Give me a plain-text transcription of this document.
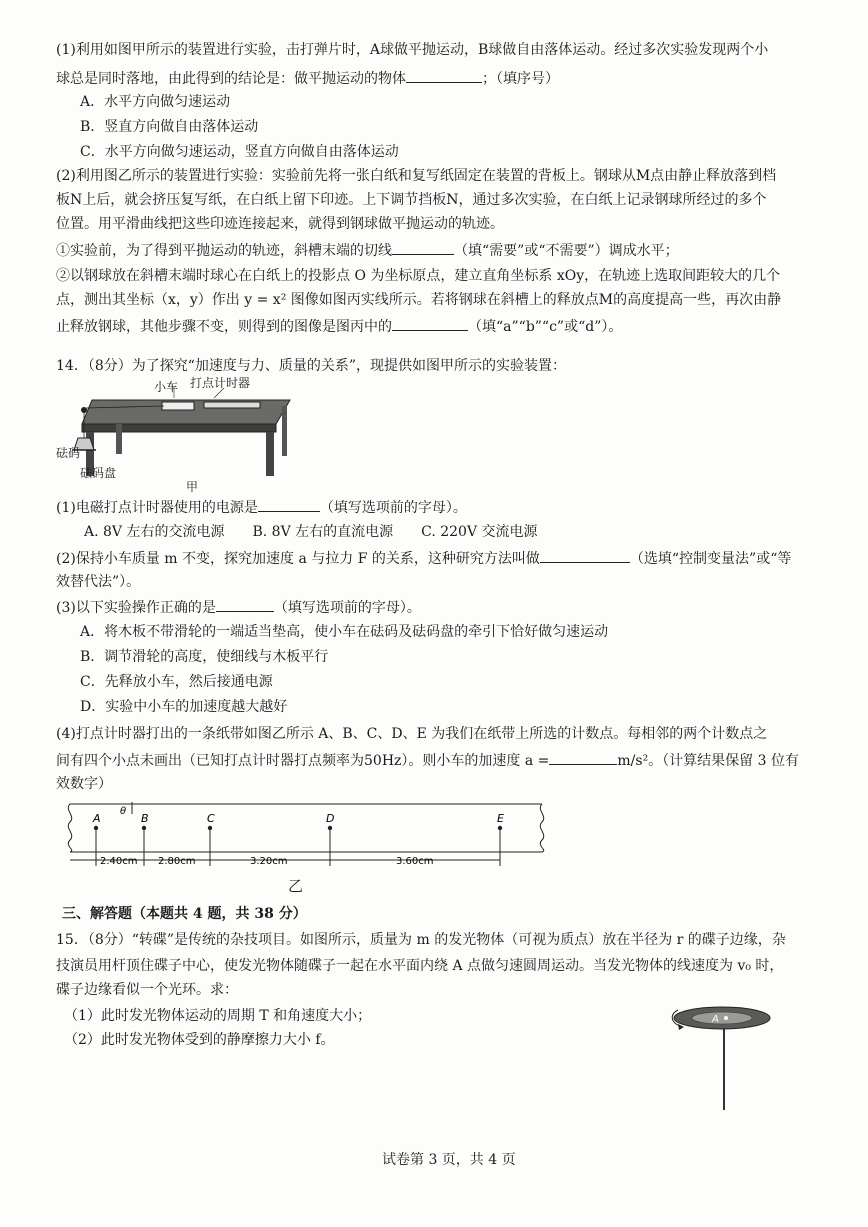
(1)利用如图甲所示的装置进行实验，击打弹片时，A球做平抛运动，B球做自由落体运动。经过多次实验发现两个小
球总是同时落地，由此得到的结论是：做平抛运动的物体	；（填序号）
A．水平方向做匀速运动
B．竖直方向做自由落体运动
C．水平方向做匀速运动，竖直方向做自由落体运动
(2)利用图乙所示的装置进行实验：实验前先将一张白纸和复写纸固定在装置的背板上。钢球从M点由静止释放落到档
板N上后，就会挤压复写纸，在白纸上留下印迹。上下调节挡板N，通过多次实验，在白纸上记录钢球所经过的多个
位置。用平滑曲线把这些印迹连接起来，就得到钢球做平抛运动的轨迹。
①实验前，为了得到平抛运动的轨迹，斜槽末端的切线	（填“需要”或“不需要”）调成水平；
②以钢球放在斜槽末端时球心在白纸上的投影点 O 为坐标原点，建立直角坐标系 xOy，在轨迹上选取间距较大的几个
点，测出其坐标（x，y）作出 y = x² 图像如图丙实线所示。若将钢球在斜槽上的释放点M的高度提高一些，再次由静
止释放钢球，其他步骤不变，则得到的图像是图丙中的	（填“a”“b”“c”或“d”）。
14．（8分）为了探究“加速度与力、质量的关系”，现提供如图甲所示的实验装置：
小车 打点计时器
砝码
砝码盘
甲
(1)电磁打点计时器使用的电源是	（填写选项前的字母）。
A. 8V 左右的交流电源　　B. 8V 左右的直流电源　　C. 220V 交流电源
(2)保持小车质量 m 不变，探究加速度 a 与拉力 F 的关系，这种研究方法叫做	（选填“控制变量法”或“等
效替代法”）。
(3)以下实验操作正确的是	（填写选项前的字母）。
A．将木板不带滑轮的一端适当垫高，使小车在砝码及砝码盘的牵引下恰好做匀速运动
B．调节滑轮的高度，使细线与木板平行
C．先释放小车，然后接通电源
D．实验中小车的加速度越大越好
(4)打点计时器打出的一条纸带如图乙所示 A、B、C、D、E 为我们在纸带上所选的计数点。每相邻的两个计数点之
间有四个小点未画出（已知打点计时器打点频率为50Hz）。则小车的加速度 a =	m/s²。（计算结果保留 3 位有
效数字）
A	B	C	D	E
θ
2.40cm 2.80cm	3.20cm	3.60cm
乙
三、解答题（本题共 4 题，共 38 分）
15．（8分）“转碟”是传统的杂技项目。如图所示，质量为 m 的发光物体（可视为质点）放在半径为 r 的碟子边缘，杂
技演员用杆顶住碟子中心，使发光物体随碟子一起在水平面内绕 A 点做匀速圆周运动。当发光物体的线速度为 v₀ 时，
碟子边缘看似一个光环。求：
（1）此时发光物体运动的周期 T 和角速度大小；
（2）此时发光物体受到的静摩擦力大小 f。
A
试卷第 3 页，共 4 页
